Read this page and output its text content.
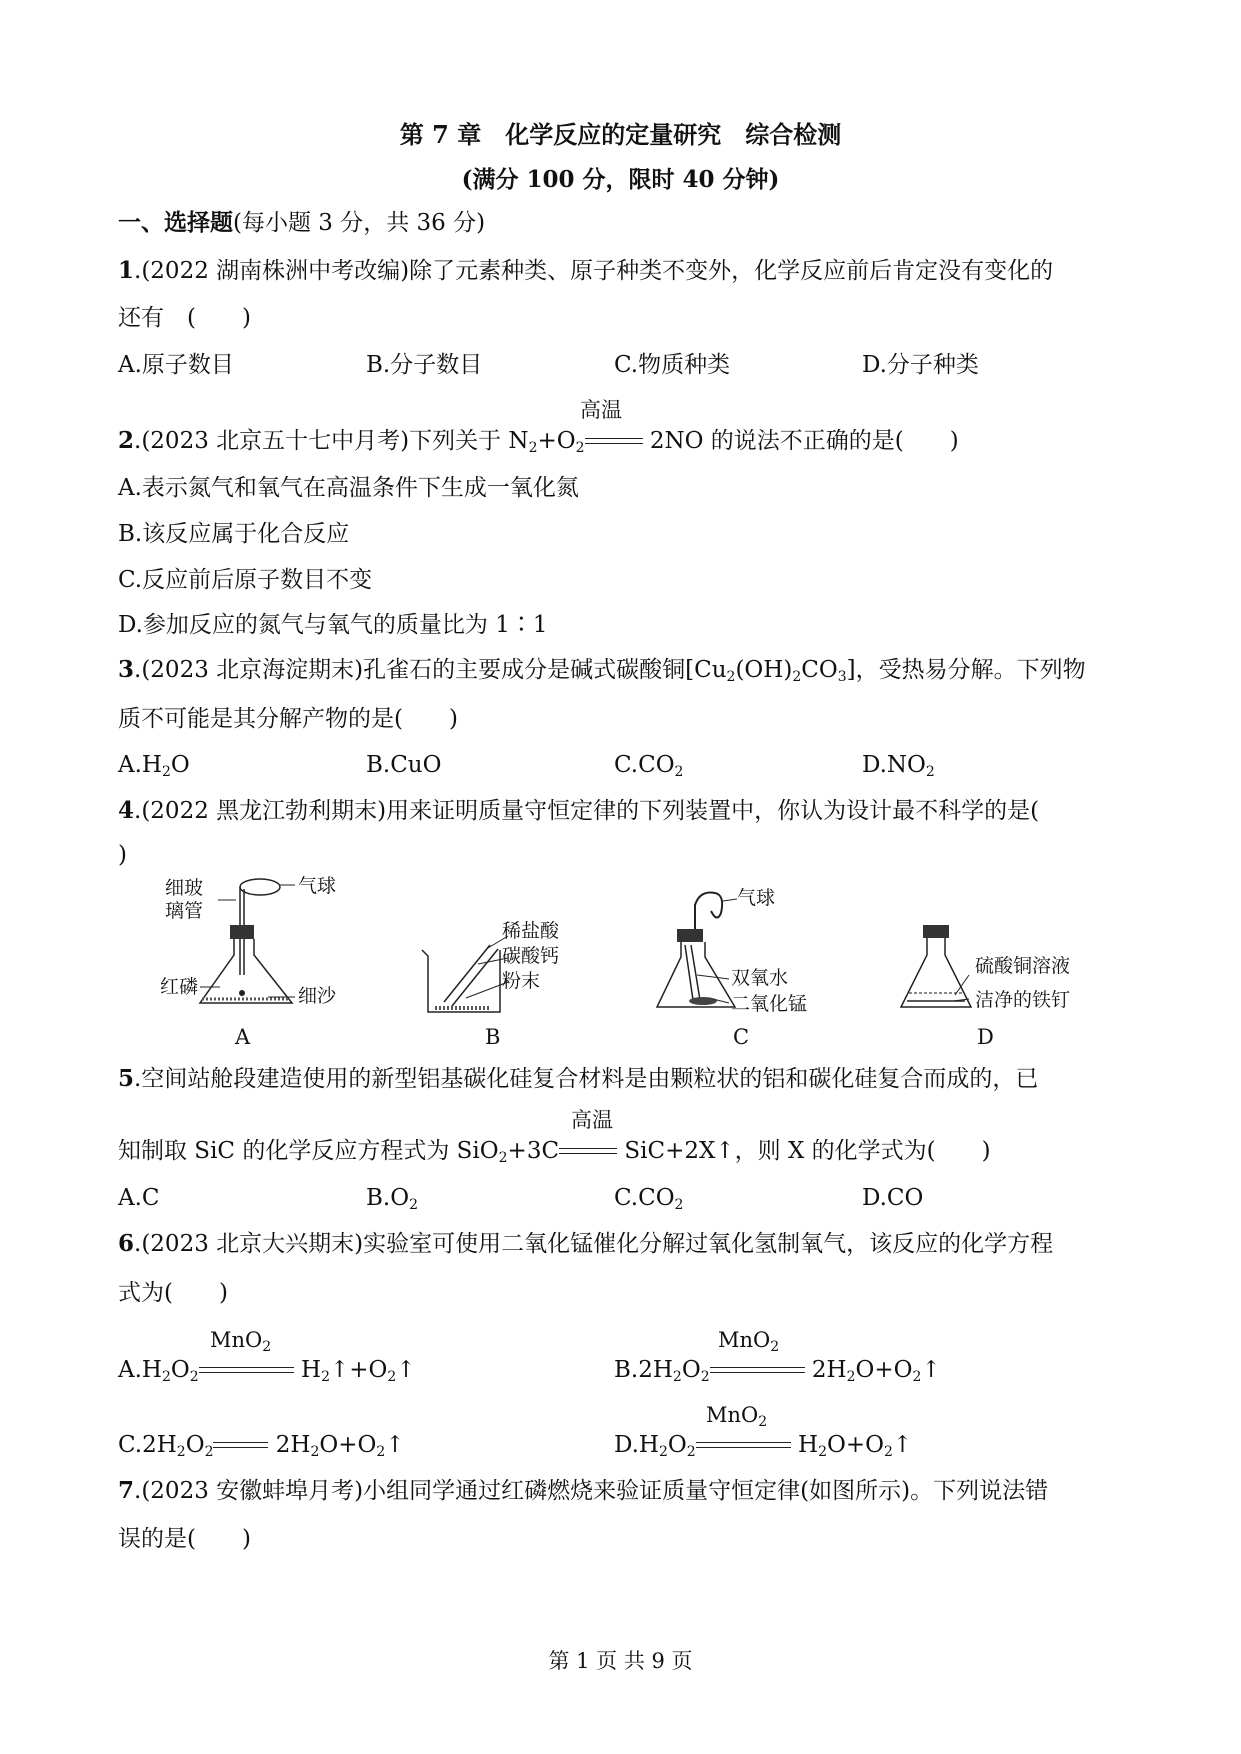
第 7 章　化学反应的定量研究　综合检测
(满分 100 分，限时 40 分钟)
一、选择题(每小题 3 分，共 36 分)
1.(2022 湖南株洲中考改编)除了元素种类、原子种类不变外，化学反应前后肯定没有变化的
还有　(　　)
A.原子数目	B.分子数目	C.物质种类	D.分子种类
高温
2.(2023 北京五十七中月考)下列关于 $N_2+O_2$	2NO 的说法不正确的是(　　)
A.表示氮气和氧气在高温条件下生成一氧化氮
B.该反应属于化合反应
C.反应前后原子数目不变
D.参加反应的氮气与氧气的质量比为 1∶1
3.(2023 北京海淀期末)孔雀石的主要成分是碱式碳酸铜$[Cu_2(OH)_2CO_3]$，受热易分解。下列物
质不可能是其分解产物的是(　　)
$A.H_2O$	B.CuO	$C.CO_2$	$D.NO_2$
4.(2022 黑龙江勃利期末)用来证明质量守恒定律的下列装置中，你认为设计最不科学的是(
)
细玻
璃管
气球
红磷	细沙
A
稀盐酸
碳酸钙
粉末
B
气球
双氧水
二氧化锰
C
硫酸铜溶液
洁净的铁钉
D
5.空间站舱段建造使用的新型铝基碳化硅复合材料是由颗粒状的铝和碳化硅复合而成的，已
高温
知制取 SiC 的化学反应方程式为 SiO$_2$+3C	SiC+2X↑，则 X 的化学式为(　　)
A.C	$B.O_2$	$C.CO_2$	D.CO
6.(2023 北京大兴期末)实验室可使用二氧化锰催化分解过氧化氢制氧气，该反应的化学方程
式为(　　)
MnO$_2$
$A.H_2O_2$	$H_2↑+O_2↑$
MnO$_2$
$B.2H_2O_2$	$2H_2O+O_2↑$
$C.2H_2O_2$	$2H_2O+O_2↑$
MnO$_2$
$D.H_2O_2$	$H_2O+O_2↑$
7.(2023 安徽蚌埠月考)小组同学通过红磷燃烧来验证质量守恒定律(如图所示)。下列说法错
误的是(　　)
第 1 页 共 9 页
